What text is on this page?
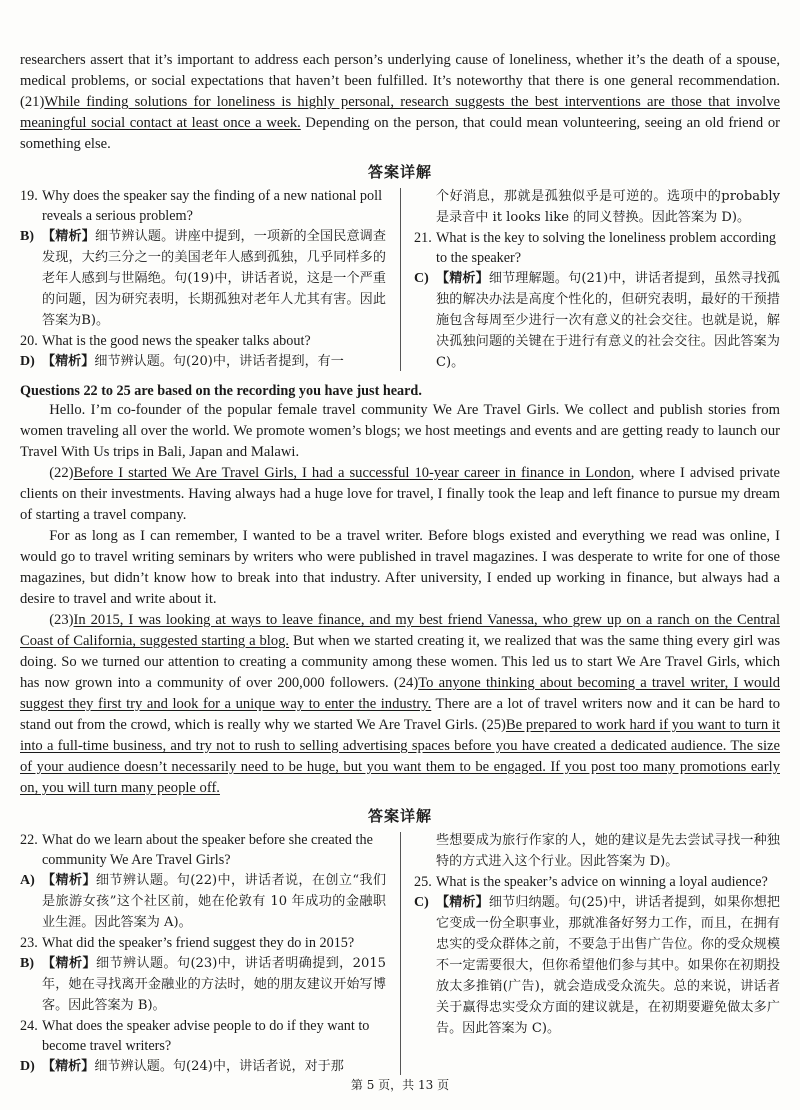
researchers assert that it’s important to address each person’s underlying cause of loneliness, whether it’s the death of a spouse, medical problems, or social expectations that haven’t been fulfilled. It’s noteworthy that there is one general recommendation. (21)While finding solutions for loneliness is highly personal, research suggests the best interventions are those that involve meaningful social contact at least once a week. Depending on the person, that could mean volunteering, seeing an old friend or something else.

答案详解
19. Why does the speaker say the finding of a new national poll reveals a serious problem?
B) 【精析】细节辨认题。讲座中提到，一项新的全国民意调查发现，大约三分之一的美国老年人感到孤独，几乎同样多的老年人感到与世隔绝。句(19)中，讲话者说，这是一个严重的问题，因为研究表明，长期孤独对老年人尤其有害。因此答案为B)。
20. What is the good news the speaker talks about?
D) 【精析】细节辨认题。句(20)中，讲话者提到，有一
个好消息，那就是孤独似乎是可逆的。选项中的probably是录音中 it looks like 的同义替换。因此答案为 D)。
21. What is the key to solving the loneliness problem according to the speaker?
C) 【精析】细节理解题。句(21)中，讲话者提到，虽然寻找孤独的解决办法是高度个性化的，但研究表明，最好的干预措施包含每周至少进行一次有意义的社会交往。也就是说，解决孤独问题的关键在于进行有意义的社会交往。因此答案为 C)。
Questions 22 to 25 are based on the recording you have just heard.

Hello. I’m co-founder of the popular female travel community We Are Travel Girls. We collect and publish stories from women traveling all over the world. We promote women’s blogs; we host meetings and events and are getting ready to launch our Travel With Us trips in Bali, Japan and Malawi.

(22)Before I started We Are Travel Girls, I had a successful 10-year career in finance in London, where I advised private clients on their investments. Having always had a huge love for travel, I finally took the leap and left finance to pursue my dream of starting a travel company.

For as long as I can remember, I wanted to be a travel writer. Before blogs existed and everything we read was online, I would go to travel writing seminars by writers who were published in travel magazines. I was desperate to write for one of those magazines, but didn’t know how to break into that industry. After university, I ended up working in finance, but always had a desire to travel and write about it.

(23)In 2015, I was looking at ways to leave finance, and my best friend Vanessa, who grew up on a ranch on the Central Coast of California, suggested starting a blog. But when we started creating it, we realized that was the same thing every girl was doing. So we turned our attention to creating a community among these women. This led us to start We Are Travel Girls, which has now grown into a community of over 200,000 followers. (24)To anyone thinking about becoming a travel writer, I would suggest they first try and look for a unique way to enter the industry. There are a lot of travel writers now and it can be hard to stand out from the crowd, which is really why we started We Are Travel Girls. (25)Be prepared to work hard if you want to turn it into a full-time business, and try not to rush to selling advertising spaces before you have created a dedicated audience. The size of your audience doesn’t necessarily need to be huge, but you want them to be engaged. If you post too many promotions early on, you will turn many people off.

答案详解
22. What do we learn about the speaker before she created the community We Are Travel Girls?
A) 【精析】细节辨认题。句(22)中，讲话者说，在创立“我们是旅游女孩”这个社区前，她在伦敦有 10 年成功的金融职业生涯。因此答案为 A)。
23. What did the speaker’s friend suggest they do in 2015?
B) 【精析】细节辨认题。句(23)中，讲话者明确提到，2015 年，她在寻找离开金融业的方法时，她的朋友建议开始写博客。因此答案为 B)。
24. What does the speaker advise people to do if they want to become travel writers?
D) 【精析】细节辨认题。句(24)中，讲话者说，对于那
些想要成为旅行作家的人，她的建议是先去尝试寻找一种独特的方式进入这个行业。因此答案为 D)。
25. What is the speaker’s advice on winning a loyal audience?
C) 【精析】细节归纳题。句(25)中，讲话者提到，如果你想把它变成一份全职事业，那就准备好努力工作，而且，在拥有忠实的受众群体之前，不要急于出售广告位。你的受众规模不一定需要很大，但你希望他们参与其中。如果你在初期投放太多推销(广告)，就会造成受众流失。总的来说，讲话者关于赢得忠实受众方面的建议就是，在初期要避免做太多广告。因此答案为 C)。
第 5 页，共 13 页
